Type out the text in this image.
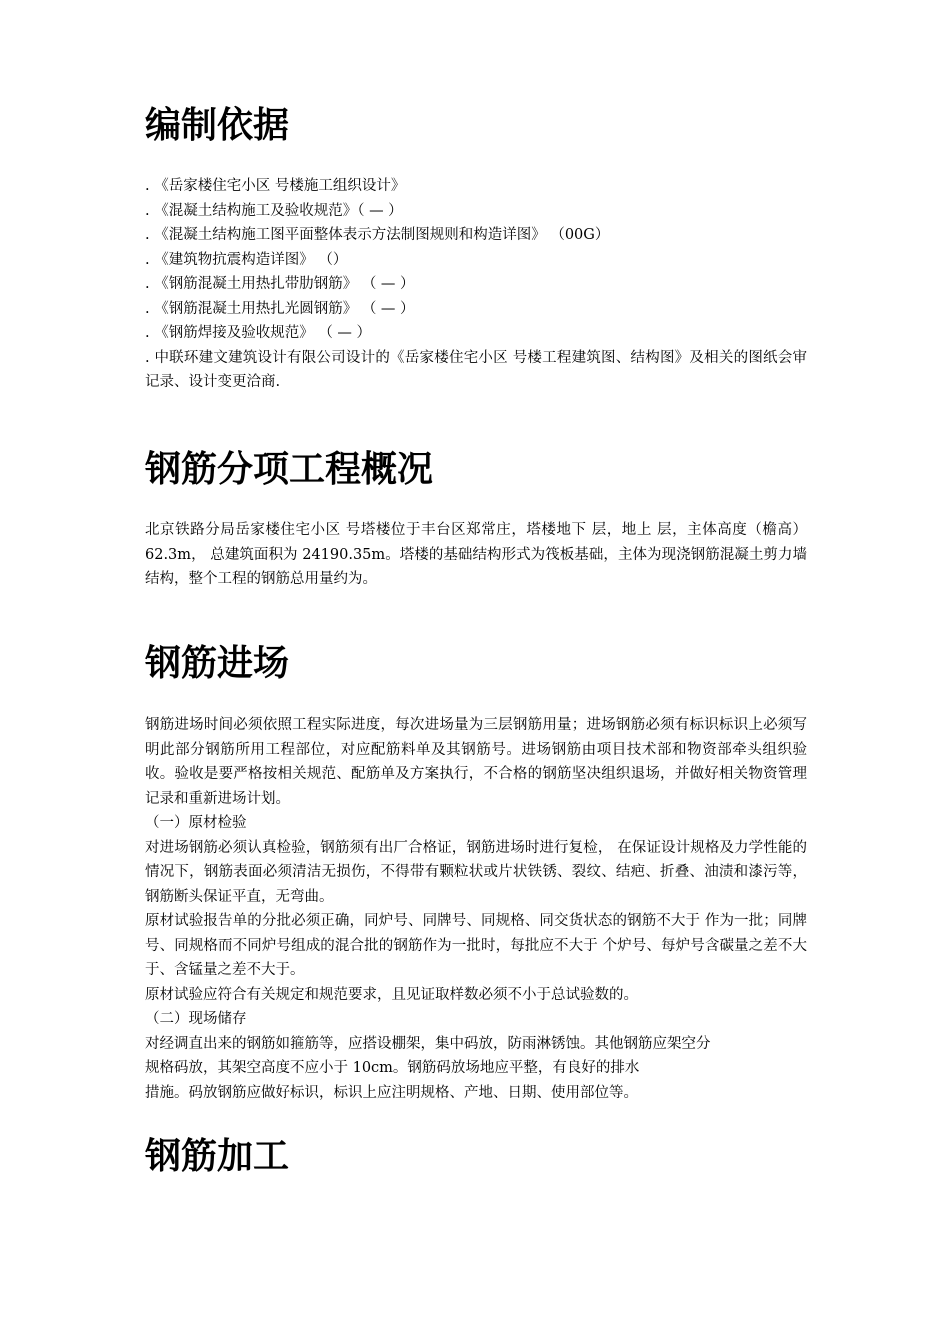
编制依据
. 《岳家楼住宅小区 号楼施工组织设计》
. 《混凝土结构施工及验收规范》（ — ）
. 《混凝土结构施工图平面整体表示方法制图规则和构造详图》 （00G）
. 《建筑物抗震构造详图》 （）
. 《钢筋混凝土用热扎带肋钢筋》 （ — ）
. 《钢筋混凝土用热扎光圆钢筋》 （ — ）
. 《钢筋焊接及验收规范》 （ — ）
. 中联环建文建筑设计有限公司设计的《岳家楼住宅小区 号楼工程建筑图、结构图》及相关的图纸会审记录、设计变更洽商.
钢筋分项工程概况
北京铁路分局岳家楼住宅小区 号塔楼位于丰台区郑常庄，塔楼地下 层，地上 层，主体高度（檐高）62.3m， 总建筑面积为 24190.35m。塔楼的基础结构形式为筏板基础，主体为现浇钢筋混凝土剪力墙结构，整个工程的钢筋总用量约为。
钢筋进场
钢筋进场时间必须依照工程实际进度，每次进场量为三层钢筋用量；进场钢筋必须有标识标识上必须写明此部分钢筋所用工程部位，对应配筋料单及其钢筋号。进场钢筋由项目技术部和物资部牵头组织验收。验收是要严格按相关规范、配筋单及方案执行，不合格的钢筋坚决组织退场，并做好相关物资管理记录和重新进场计划。
（一）原材检验
对进场钢筋必须认真检验，钢筋须有出厂合格证，钢筋进场时进行复检， 在保证设计规格及力学性能的情况下，钢筋表面必须清洁无损伤，不得带有颗粒状或片状铁锈、裂纹、结疤、折叠、油渍和漆污等，钢筋断头保证平直，无弯曲。
原材试验报告单的分批必须正确，同炉号、同牌号、同规格、同交货状态的钢筋不大于 作为一批；同牌号、同规格而不同炉号组成的混合批的钢筋作为一批时，每批应不大于 个炉号、每炉号含碳量之差不大于、含锰量之差不大于。
原材试验应符合有关规定和规范要求，且见证取样数必须不小于总试验数的。
（二）现场储存
对经调直出来的钢筋如箍筋等，应搭设棚架，集中码放，防雨淋锈蚀。其他钢筋应架空分
规格码放，其架空高度不应小于 10cm。钢筋码放场地应平整，有良好的排水
措施。码放钢筋应做好标识，标识上应注明规格、产地、日期、使用部位等。
钢筋加工
